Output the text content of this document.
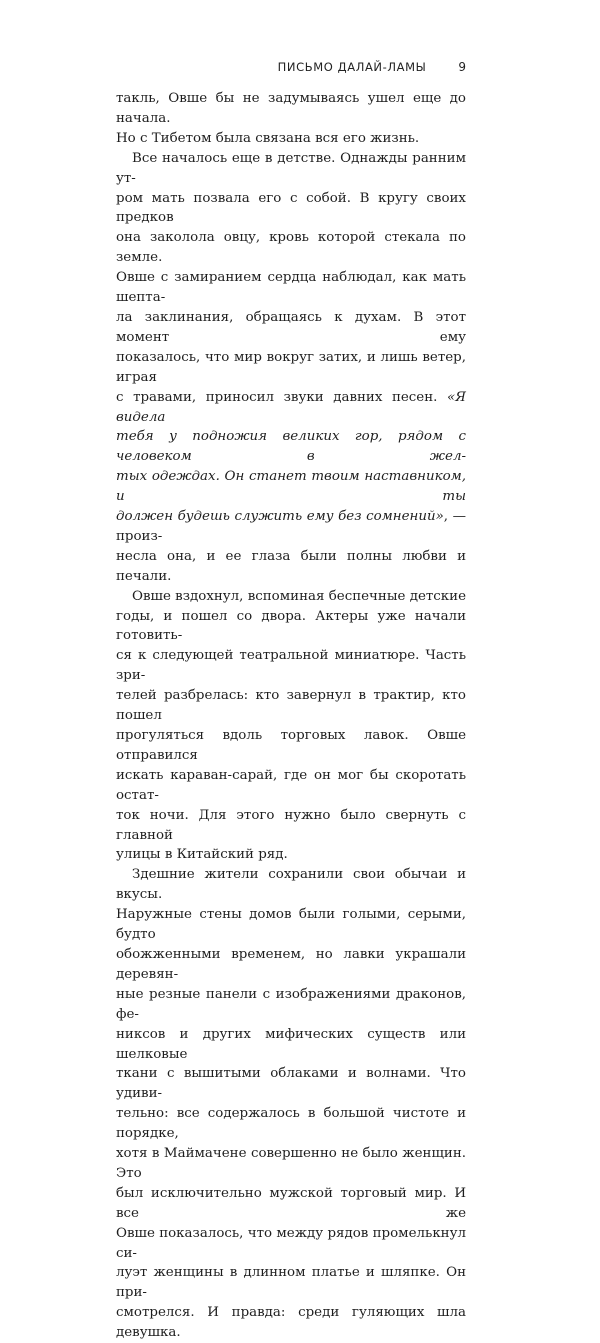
ПИСЬМО ДАЛАЙ-ЛАМЫ	9

такль, Овше бы не задумываясь ушел еще до начала.

Но с Тибетом была связана вся его жизнь.

Все началось еще в детстве. Однажды ранним ут-

ром мать позвала его с собой. В кругу своих предков

она заколола овцу, кровь которой стекала по земле.

Овше с замиранием сердца наблюдал, как мать шепта-

ла заклинания, обращаясь к духам. В этот момент ему

показалось, что мир вокруг затих, и лишь ветер, играя

с травами, приносил звуки давних песен. «Я видела

тебя у подножия великих гор, рядом с человеком в жел-

тых одеждах. Он станет твоим наставником, и ты

должен будешь служить ему без сомнений», — произ-

несла она, и ее глаза были полны любви и печали.

Овше вздохнул, вспоминая беспечные детские

годы, и пошел со двора. Актеры уже начали готовить-

ся к следующей театральной миниатюре. Часть зри-

телей разбрелась: кто завернул в трактир, кто пошел

прогуляться вдоль торговых лавок. Овше отправился

искать караван-сарай, где он мог бы скоротать остат-

ток ночи. Для этого нужно было свернуть с главной

улицы в Китайский ряд.

Здешние жители сохранили свои обычаи и вкусы.

Наружные стены домов были голыми, серыми, будто

обожженными временем, но лавки украшали деревян-

ные резные панели с изображениями драконов, фе-

никсов и других мифических существ или шелковые

ткани с вышитыми облаками и волнами. Что удиви-

тельно: все содержалось в большой чистоте и порядке,

хотя в Маймачене совершенно не было женщин. Это

был исключительно мужской торговый мир. И все же

Овше показалось, что между рядов промелькнул си-

луэт женщины в длинном платье и шляпке. Он при-

смотрелся. И правда: среди гуляющих шла девушка.
